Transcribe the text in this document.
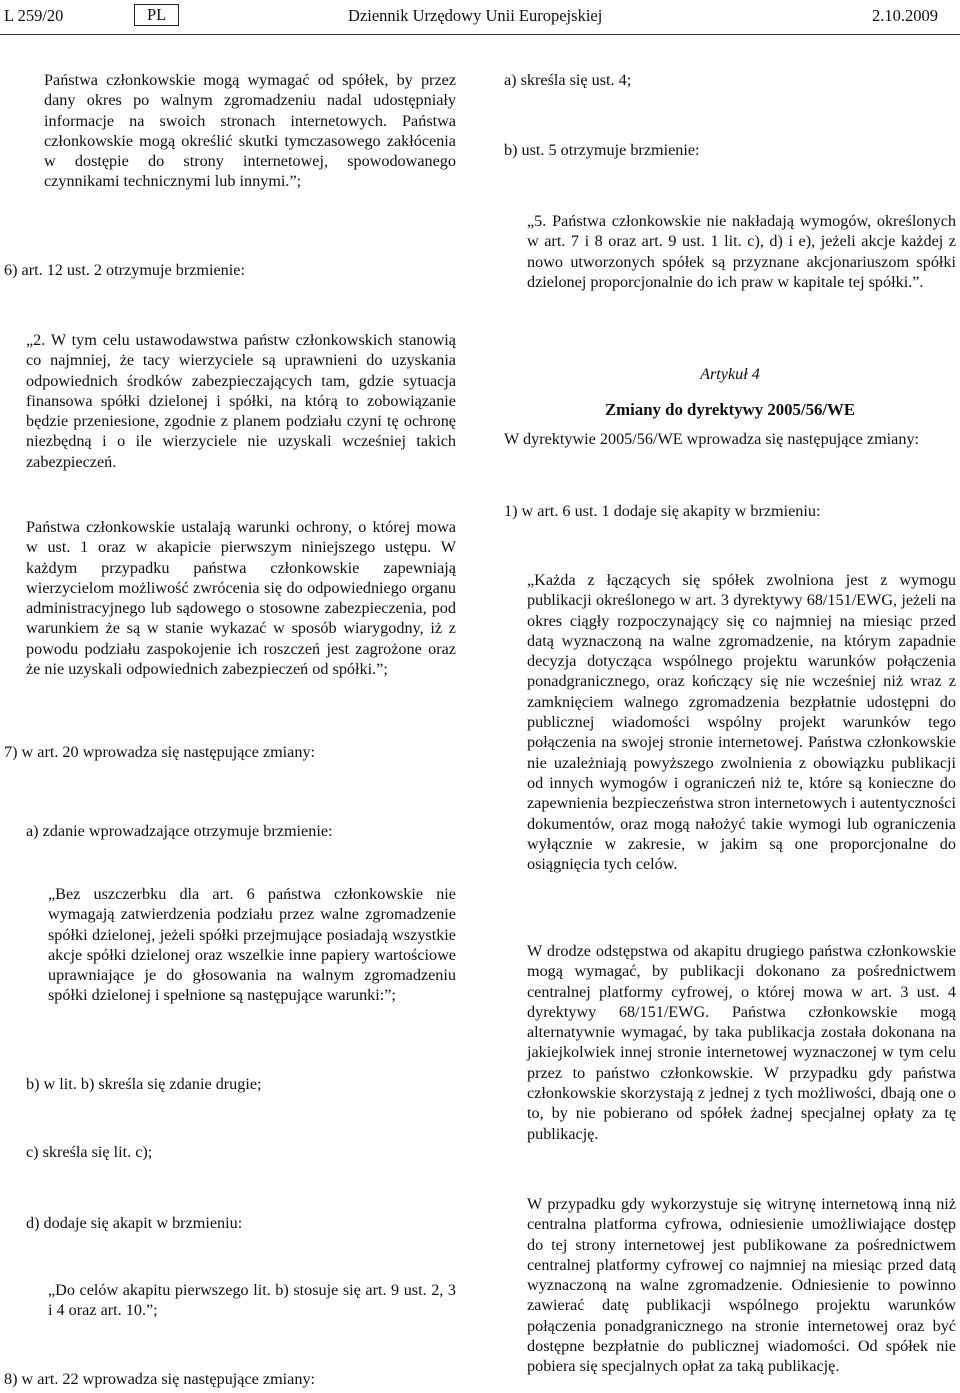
L 259/20	PL	Dziennik Urzędowy Unii Europejskiej	2.10.2009

Państwa członkowskie mogą wymagać od spółek, by przez dany okres po walnym zgromadzeniu nadal udostępniały informacje na swoich stronach internetowych. Państwa członkowskie mogą określić skutki tymczasowego zakłócenia w dostępie do strony internetowej, spowodowanego czynnikami technicznymi lub innymi.”;

6) art. 12 ust. 2 otrzymuje brzmienie:

„2. W tym celu ustawodawstwa państw członkowskich stanowią co najmniej, że tacy wierzyciele są uprawnieni do uzyskania odpowiednich środków zabezpieczających tam, gdzie sytuacja finansowa spółki dzielonej i spółki, na którą to zobowiązanie będzie przeniesione, zgodnie z planem podziału czyni tę ochronę niezbędną i o ile wierzyciele nie uzyskali wcześniej takich zabezpieczeń.

Państwa członkowskie ustalają warunki ochrony, o której mowa w ust. 1 oraz w akapicie pierwszym niniejszego ustępu. W każdym przypadku państwa członkowskie zapewniają wierzycielom możliwość zwrócenia się do odpowiedniego organu administracyjnego lub sądowego o stosowne zabezpieczenia, pod warunkiem że są w stanie wykazać w sposób wiarygodny, iż z powodu podziału zaspokojenie ich roszczeń jest zagrożone oraz że nie uzyskali odpowiednich zabezpieczeń od spółki.”;

7) w art. 20 wprowadza się następujące zmiany:

a) zdanie wprowadzające otrzymuje brzmienie:

„Bez uszczerbku dla art. 6 państwa członkowskie nie wymagają zatwierdzenia podziału przez walne zgromadzenie spółki dzielonej, jeżeli spółki przejmujące posiadają wszystkie akcje spółki dzielonej oraz wszelkie inne papiery wartościowe uprawniające je do głosowania na walnym zgromadzeniu spółki dzielonej i spełnione są następujące warunki:”;

b) w lit. b) skreśla się zdanie drugie;

c) skreśla się lit. c);

d) dodaje się akapit w brzmieniu:

„Do celów akapitu pierwszego lit. b) stosuje się art. 9 ust. 2, 3 i 4 oraz art. 10.”;

8) w art. 22 wprowadza się następujące zmiany:

a) skreśla się ust. 4;

b) ust. 5 otrzymuje brzmienie:

„5. Państwa członkowskie nie nakładają wymogów, określonych w art. 7 i 8 oraz art. 9 ust. 1 lit. c), d) i e), jeżeli akcje każdej z nowo utworzonych spółek są przyznane akcjonariuszom spółki dzielonej proporcjonalnie do ich praw w kapitale tej spółki.”.

Artykuł 4

Zmiany do dyrektywy 2005/56/WE

W dyrektywie 2005/56/WE wprowadza się następujące zmiany:

1) w art. 6 ust. 1 dodaje się akapity w brzmieniu:

„Każda z łączących się spółek zwolniona jest z wymogu publikacji określonego w art. 3 dyrektywy 68/151/EWG, jeżeli na okres ciągły rozpoczynający się co najmniej na miesiąc przed datą wyznaczoną na walne zgromadzenie, na którym zapadnie decyzja dotycząca wspólnego projektu warunków połączenia ponadgranicznego, oraz kończący się nie wcześniej niż wraz z zamknięciem walnego zgromadzenia bezpłatnie udostępni do publicznej wiadomości wspólny projekt warunków tego połączenia na swojej stronie internetowej. Państwa członkowskie nie uzależniają powyższego zwolnienia z obowiązku publikacji od innych wymogów i ograniczeń niż te, które są konieczne do zapewnienia bezpieczeństwa stron internetowych i autentyczności dokumentów, oraz mogą nałożyć takie wymogi lub ograniczenia wyłącznie w zakresie, w jakim są one proporcjonalne do osiągnięcia tych celów.

W drodze odstępstwa od akapitu drugiego państwa członkowskie mogą wymagać, by publikacji dokonano za pośrednictwem centralnej platformy cyfrowej, o której mowa w art. 3 ust. 4 dyrektywy 68/151/EWG. Państwa członkowskie mogą alternatywnie wymagać, by taka publikacja została dokonana na jakiejkolwiek innej stronie internetowej wyznaczonej w tym celu przez to państwo członkowskie. W przypadku gdy państwa członkowskie skorzystają z jednej z tych możliwości, dbają one o to, by nie pobierano od spółek żadnej specjalnej opłaty za tę publikację.

W przypadku gdy wykorzystuje się witrynę internetową inną niż centralna platforma cyfrowa, odniesienie umożliwiające dostęp do tej strony internetowej jest publikowane za pośrednictwem centralnej platformy cyfrowej co najmniej na miesiąc przed datą wyznaczoną na walne zgromadzenie. Odniesienie to powinno zawierać datę publikacji wspólnego projektu warunków połączenia ponadgranicznego na stronie internetowej oraz być dostępne bezpłatnie do publicznej wiadomości. Od spółek nie pobiera się specjalnych opłat za taką publikację.
